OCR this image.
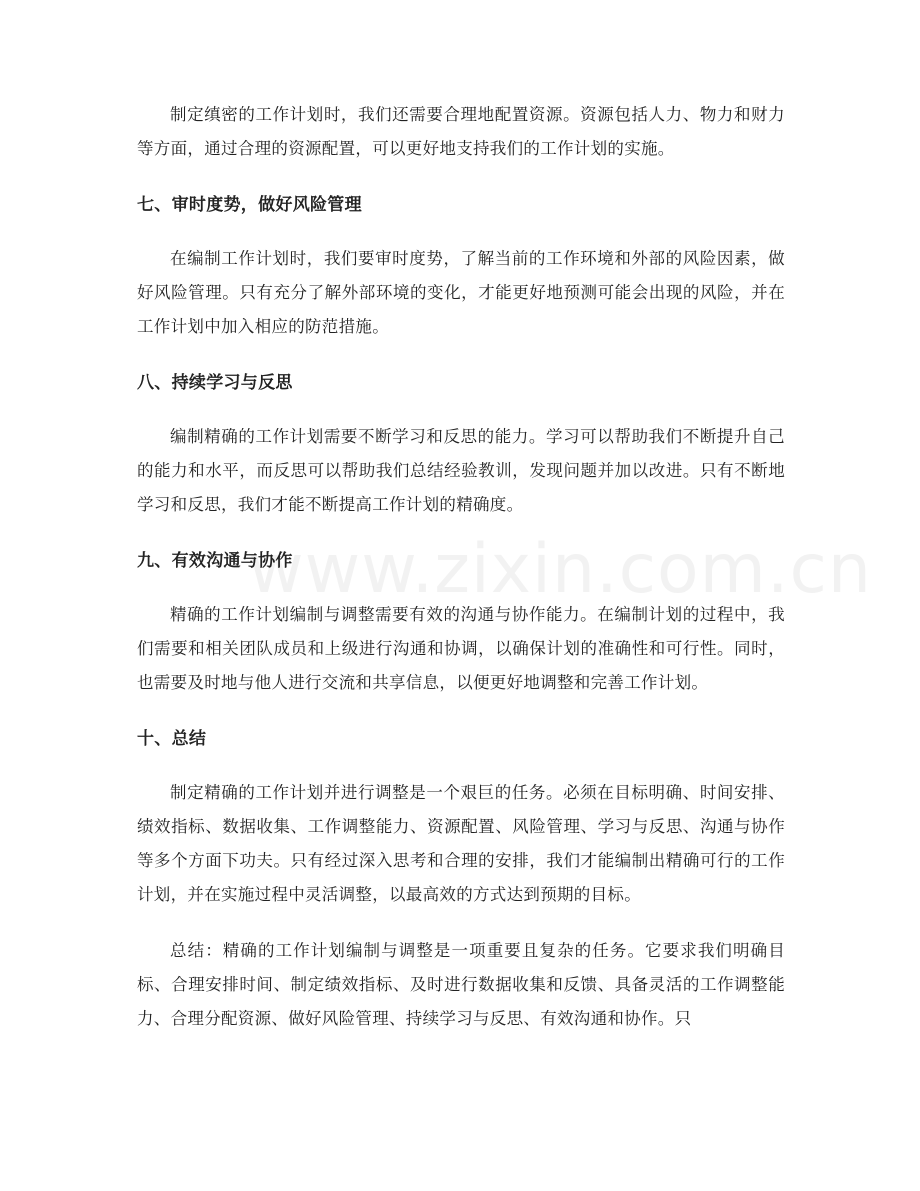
www.zixin.com.cn

制定缜密的工作计划时，我们还需要合理地配置资源。资源包括人力、物力和财力等方面，通过合理的资源配置，可以更好地支持我们的工作计划的实施。

七、审时度势，做好风险管理

在编制工作计划时，我们要审时度势，了解当前的工作环境和外部的风险因素，做好风险管理。只有充分了解外部环境的变化，才能更好地预测可能会出现的风险，并在工作计划中加入相应的防范措施。

八、持续学习与反思

编制精确的工作计划需要不断学习和反思的能力。学习可以帮助我们不断提升自己的能力和水平，而反思可以帮助我们总结经验教训，发现问题并加以改进。只有不断地学习和反思，我们才能不断提高工作计划的精确度。

九、有效沟通与协作

精确的工作计划编制与调整需要有效的沟通与协作能力。在编制计划的过程中，我们需要和相关团队成员和上级进行沟通和协调，以确保计划的准确性和可行性。同时，也需要及时地与他人进行交流和共享信息，以便更好地调整和完善工作计划。

十、总结

制定精确的工作计划并进行调整是一个艰巨的任务。必须在目标明确、时间安排、绩效指标、数据收集、工作调整能力、资源配置、风险管理、学习与反思、沟通与协作等多个方面下功夫。只有经过深入思考和合理的安排，我们才能编制出精确可行的工作计划，并在实施过程中灵活调整，以最高效的方式达到预期的目标。

总结：精确的工作计划编制与调整是一项重要且复杂的任务。它要求我们明确目标、合理安排时间、制定绩效指标、及时进行数据收集和反馈、具备灵活的工作调整能力、合理分配资源、做好风险管理、持续学习与反思、有效沟通和协作。只
